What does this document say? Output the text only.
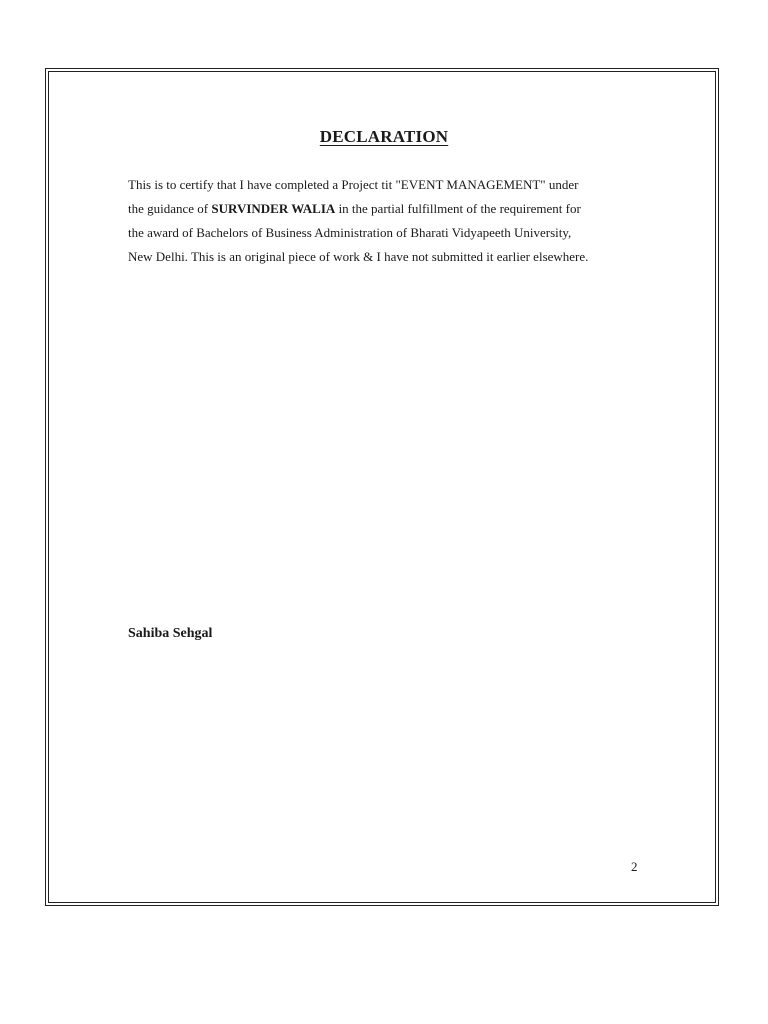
DECLARATION

This is to certify that I have completed a Project tit "EVENT MANAGEMENT" under

the guidance of SURVINDER WALIA in the partial fulfillment of the requirement for

the award of Bachelors of Business Administration of Bharati Vidyapeeth University,

New Delhi. This is an original piece of work & I have not submitted it earlier elsewhere.

Sahiba Sehgal

2
